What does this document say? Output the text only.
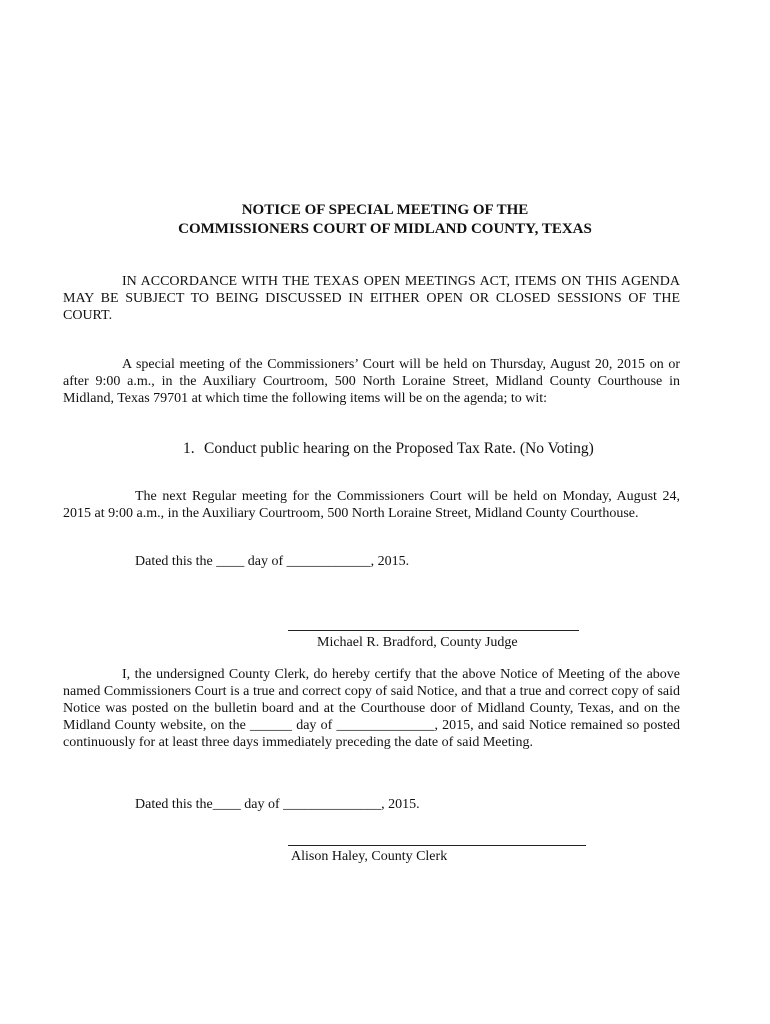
NOTICE OF SPECIAL MEETING OF THE
COMMISSIONERS COURT OF MIDLAND COUNTY, TEXAS
IN ACCORDANCE WITH THE TEXAS OPEN MEETINGS ACT, ITEMS ON THIS AGENDA MAY BE SUBJECT TO BEING DISCUSSED IN EITHER OPEN OR CLOSED SESSIONS OF THE COURT.
A special meeting of the Commissioners’ Court will be held on Thursday, August 20, 2015 on or after 9:00 a.m., in the Auxiliary Courtroom, 500 North Loraine Street, Midland County Courthouse in Midland, Texas 79701 at which time the following items will be on the agenda; to wit:
1. Conduct public hearing on the Proposed Tax Rate. (No Voting)
The next Regular meeting for the Commissioners Court will be held on Monday, August 24, 2015 at 9:00 a.m., in the Auxiliary Courtroom, 500 North Loraine Street, Midland County Courthouse.
Dated this the ____ day of ____________, 2015.
Michael R. Bradford, County Judge
I, the undersigned County Clerk, do hereby certify that the above Notice of Meeting of the above named Commissioners Court is a true and correct copy of said Notice, and that a true and correct copy of said Notice was posted on the bulletin board and at the Courthouse door of Midland County, Texas, and on the Midland County website, on the ______ day of ______________, 2015, and said Notice remained so posted continuously for at least three days immediately preceding the date of said Meeting.
Dated this the____ day of ______________, 2015.
Alison Haley, County Clerk
